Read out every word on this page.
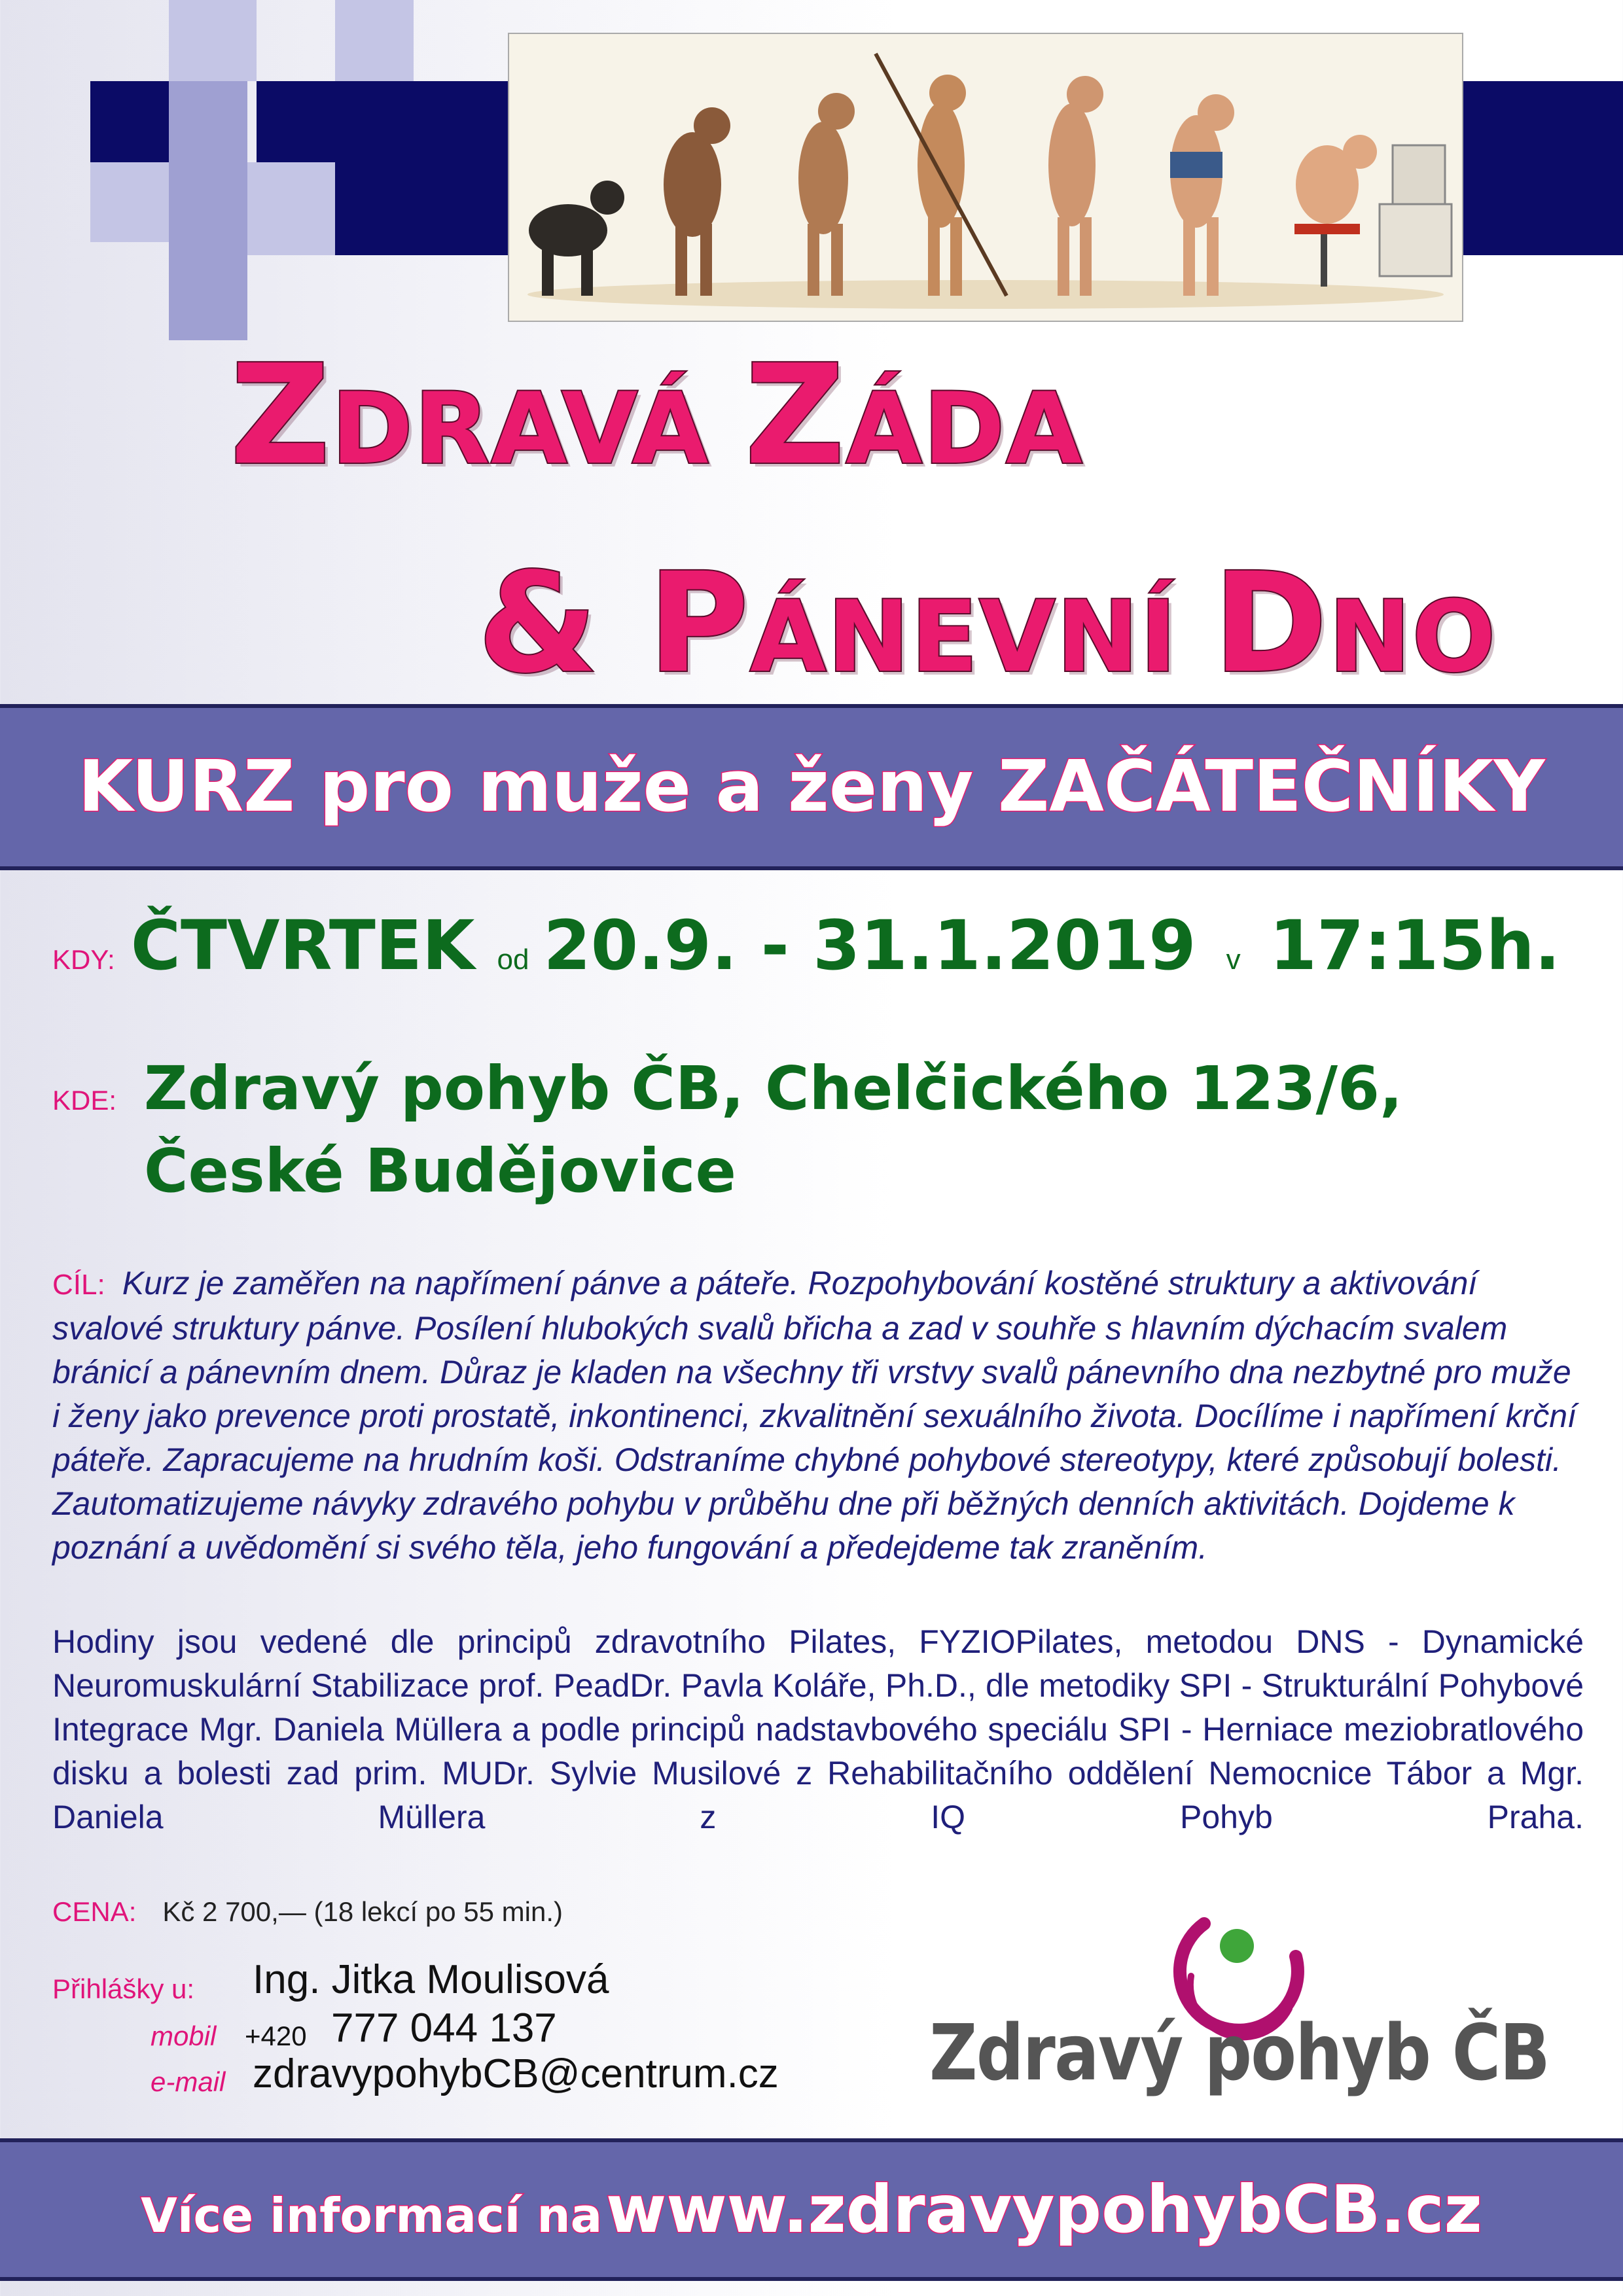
ZDRAVÁ ZÁDA
& PÁNEVNÍ DNO
KURZ pro muže a ženy ZAČÁTEČNÍKY
KDY: ČTVRTEK od 20.9. - 31.1.2019 v 17:15h.
KDE: Zdravý pohyb ČB, Chelčického 123/6,
České Budějovice

CÍL: Kurz je zaměřen na napřímení pánve a páteře. Rozpohybování kostěné struktury a aktivování svalové struktury pánve. Posílení hlubokých svalů břicha a zad v souhře s hlavním dýchacím svalem bránicí a pánevním dnem. Důraz je kladen na všechny tři vrstvy svalů pánevního dna nezbytné pro muže i ženy jako prevence proti prostatě, inkontinenci, zkvalitnění sexuálního života. Docílíme i napřímení krční páteře. Zapracujeme na hrudním koši. Odstraníme chybné pohybové stereotypy, které způsobují bolesti. Zautomatizujeme návyky zdravého pohybu v průběhu dne při běžných denních aktivitách. Dojdeme k poznání a uvědomění si svého těla, jeho fungování a předejdeme tak zraněním.

Hodiny jsou vedené dle principů zdravotního Pilates, FYZIOPilates, metodou DNS - Dynamické Neuromuskulární Stabilizace prof. PeadDr. Pavla Koláře, Ph.D., dle metodiky SPI - Strukturální Pohybové Integrace Mgr. Daniela Müllera a podle principů nadstavbového speciálu SPI - Herniace meziobratlového disku a bolesti zad prim. MUDr. Sylvie Musilové z Rehabilitačního oddělení Nemocnice Tábor a Mgr. Daniela Müllera z IQ Pohyb Praha.

CENA: Kč 2 700,— (18 lekcí po 55 min.)
Přihlášky u: Ing. Jitka Moulisová
mobil +420 777 044 137
e-mail zdravypohybCB@centrum.cz Zdravý pohyb ČB
Více informací na www.zdravypohybCB.cz
